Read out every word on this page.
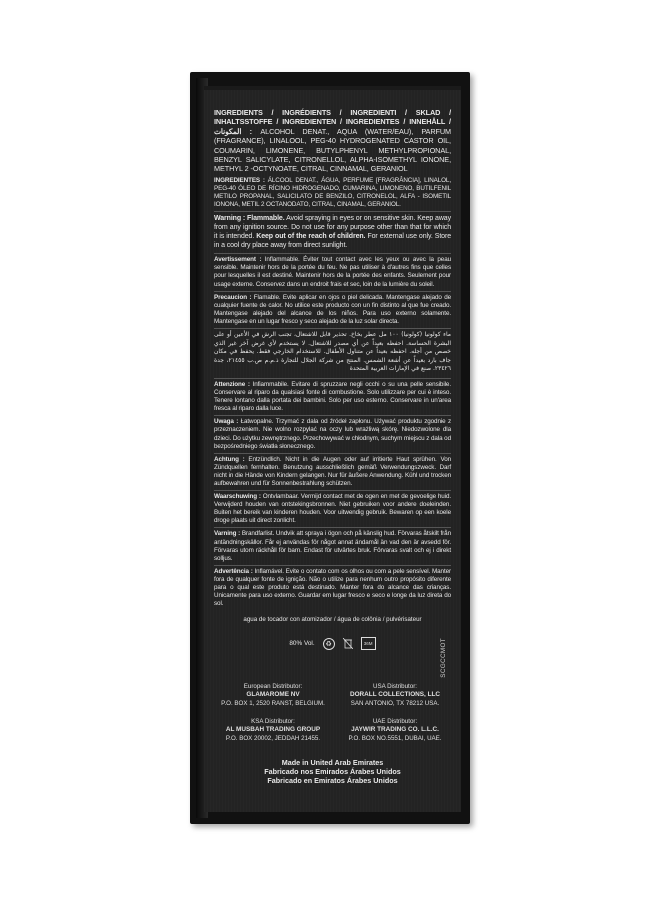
INGREDIENTS / INGRÉDIENTS / INGREDIENTI / SKLAD / INHALTSSTOFFE / INGREDIENTEN / INGREDIENTES / INNEHÅLL / المكونات : ALCOHOL DENAT., AQUA (WATER/EAU), PARFUM (FRAGRANCE), LINALOOL, PEG-40 HYDROGENATED CASTOR OIL, COUMARIN, LIMONENE, BUTYLPHENYL METHYLPROPIONAL, BENZYL SALICYLATE, CITRONELLOL, ALPHA-ISOMETHYL IONONE, METHYL 2 -OCTYNOATE, CITRAL, CINNAMAL, GERANIOL

INGREDIENTES : ÁLCOOL DENAT., ÁGUA, PERFUME [FRAGRÂNCIA], LINALOL, PEG-40 ÓLEO DE RÍCINO HIDROGENADO, CUMARINA, LIMONENO, BUTILFENIL METILO PROPANAL, SALICILATO DE BENZILO, CITRONELOL, ALFA - ISOMETIL IONONA, METIL 2 OCTANODATO, CITRAL, CINAMAL, GERANIOL.

Warning : Flammable. Avoid spraying in eyes or on sensitive skin. Keep away from any ignition source. Do not use for any purpose other than that for which it is intended. Keep out of the reach of children. For external use only. Store in a cool dry place away from direct sunlight.

Avertissement : Inflammable. Éviter tout contact avec les yeux ou avec la peau sensible. Maintenir hors de la portée du feu. Ne pas utiliser à d'autres fins que celles pour lesquelles il est destiné. Maintenir hors de la portée des enfants. Seulement pour usage externe. Conservez dans un endroit frais et sec, loin de la lumière du soleil.

Precaucion : Flamable. Evite aplicar en ojos o piel delicada. Mantengase alejado de cualquier fuente de calor. No utilice este producto con un fin distinto al que fue creado. Mantengase alejado del alcance de los niños. Para uso externo solamente. Mantengase en un lugar fresco y seco alejado de la luz solar directa.

ماء كولونيا (كولونيا) ١٠٠ مل عطر بخاخ. تحذير قابل للاشتعال، تجنب الرش في الأعين أو على البشرة الحساسة. احفظه بعيداً عن أي مصدر للاشتعال. لا يستخدم لأي غرض آخر غير الذي خصص من أجله. احفظه بعيداً عن متناول الأطفال. للاستخدام الخارجي فقط. يحفظ في مكان جاف بارد بعيداً عن أشعة الشمس. المنتج من شركة الجلال للتجارة ذ.م.م ص.ب ٢١٤٥٥، جدة ٢٣٤٢٦. صنع في الإمارات العربية المتحدة

Attenzione : Infiammabile. Evitare di spruzzare negli occhi o su una pelle sensibile. Conservare al riparo da qualsiasi fonte di combustione. Solo utilizzare per cui è inteso. Tenere lontano dalla portata dei bambini. Solo per uso esterno. Conservare in un'area fresca al riparo dalla luce.

Uwaga : Łatwopalne. Trzymać z dala od źródeł zapłonu. Używać produktu zgodnie z przeznaczeniem. Nie wolno rozpylać na oczy lub wrażliwą skórę. Niedozwolone dla dzieci. Do użytku zewnętrznego. Przechowywać w chłodnym, suchym miejscu z dala od bezpośredniego światła słonecznego.

Achtung : Entzündlich. Nicht in die Augen oder auf irritierte Haut sprühen. Von Zündquellen fernhalten. Benutzung ausschließlich gemäß Verwendungszweck. Darf nicht in die Hände von Kindern gelangen. Nur für äußere Anwendung. Kühl und trocken aufbewahren und für Sonnenbestrahlung schützen.

Waarschuwing : Ontvlambaar. Vermijd contact met de ogen en met de gevoelige huid. Verwijderd houden van ontstekingsbronnen. Niet gebruiken voor andere doeleinden. Buiten het bereik van kinderen houden. Voor uitwendig gebruik. Bewaren op een koele droge plaats uit direct zonlicht.

Varning : Brandfarlist. Undvik att spraya i ögon och på känslig hud. Förvaras åtskilt från antändningskällor. Får ej användas för något annat ändamål än vad den är avsedd för. Förvaras utom räckhåll för barn. Endast för utvärtes bruk. Förvaras svalt och ej i direkt solljus.

Advertência : Inflamável. Evite o contato com os olhos ou com a pele sensível. Manter fora de qualquer fonte de ignição. Não o utilize para nenhum outro propósito diferente para o qual este produto está destinado. Manter fora do alcance das crianças. Unicamente para uso externo. Guardar em lugar fresco e seco e longe da luz direta do sol.

agua de tocador con atomizador / água de colônia / pulvérisateur
80% Vol.	♻	36M	SCGCCMOT
European Distributor:
GLAMAROME NV
P.O. BOX 1, 2520 RANST, BELGIUM.
USA Distributor:
DORALL COLLECTIONS, LLC
SAN ANTONIO, TX 78212 USA.
KSA Distributor:
AL MUSBAH TRADING GROUP
P.O. BOX 20002, JEDDAH 21455.
UAE Distributor:
JAYWIR TRADING CO. L.L.C.
P.O. BOX NO.5551, DUBAI, UAE.
Made in United Arab Emirates
Fabricado nos Emirados Árabes Unidos
Fabricado en Emiratos Árabes Unidos
